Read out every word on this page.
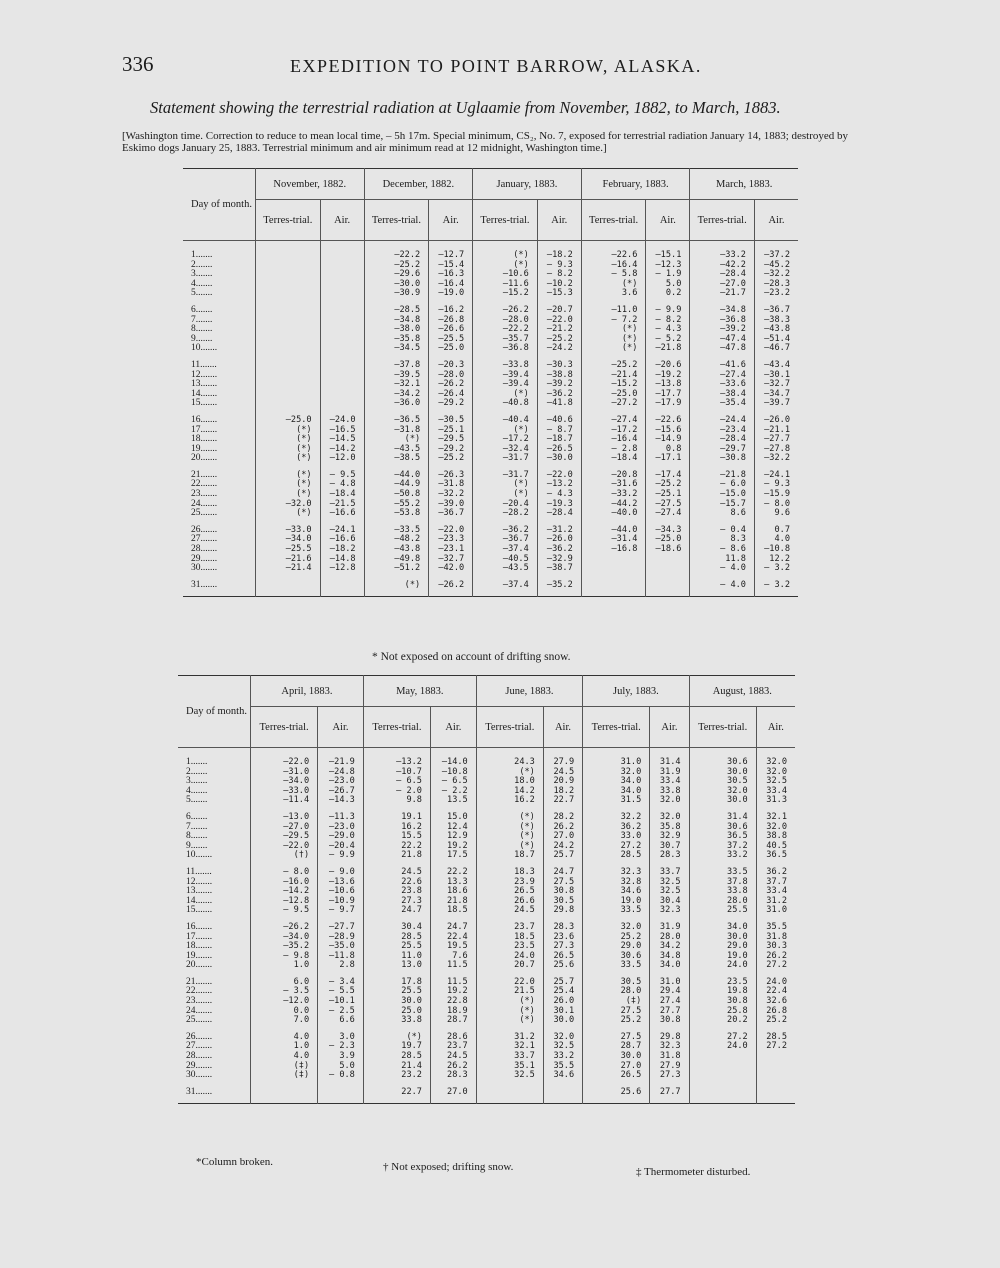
336	EXPEDITION TO POINT BARROW, ALASKA.
Statement showing the terrestrial radiation at Uglaamie from November, 1882, to March, 1883.
[Washington time. Correction to reduce to mean local time, – 5h 17m. Special minimum, CS₂, No. 7, exposed for terrestrial radiation January 14, 1883; destroyed by Eskimo dogs January 25, 1883. Terrestrial minimum and air minimum read at 12 midnight, Washington time.]
Day of month.	November, 1882.		December, 1882.		January, 1883.		February, 1883.		March, 1883.	
	Terres-trial.	Air.	Terres-trial.	Air.	Terres-trial.	Air.	Terres-trial.	Air.	Terres-trial.	Air.
1.......			–22.2	–12.7	(*)	–18.2	–22.6	–15.1	–33.2	–37.2
2.......			–25.2	–15.4	(*)	– 9.3	–16.4	–12.3	–42.2	–45.2
3.......			–29.6	–16.3	–10.6	– 8.2	– 5.8	– 1.9	–28.4	–32.2
4.......			–30.0	–16.4	–11.6	–10.2	(*)	5.0	–27.0	–28.3
5.......			–30.9	–19.0	–15.2	–15.3	3.6	0.2	–21.7	–23.2
6.......			–28.5	–16.2	–26.2	–20.7	–11.0	– 9.9	–34.8	–36.7
7.......			–34.8	–26.8	–28.0	–22.0	– 7.2	– 8.2	–36.8	–38.3
8.......			–38.0	–26.6	–22.2	–21.2	(*)	– 4.3	–39.2	–43.8
9.......			–35.8	–25.5	–35.7	–25.2	(*)	– 5.2	–47.4	–51.4
10.......			–34.5	–25.0	–36.8	–24.2	(*)	–21.8	–47.8	–46.7
11.......			–37.8	–20.3	–33.8	–30.3	–25.2	–20.6	–41.6	–43.4
12.......			–39.5	–28.0	–39.4	–38.8	–21.4	–19.2	–27.4	–30.1
13.......			–32.1	–26.2	–39.4	–39.2	–15.2	–13.8	–33.6	–32.7
14.......			–34.2	–26.4	(*)	–36.2	–25.0	–17.7	–38.4	–34.7
15.......			–36.0	–29.2	–40.8	–41.8	–27.2	–17.9	–35.4	–39.7
16.......	–25.0	–24.0	–36.5	–30.5	–40.4	–40.6	–27.4	–22.6	–24.4	–26.0
17.......	(*)	–16.5	–31.8	–25.1	(*)	– 8.7	–17.2	–15.6	–23.4	–21.1
18.......	(*)	–14.5	(*)	–29.5	–17.2	–18.7	–16.4	–14.9	–28.4	–27.7
19.......	(*)	–14.2	–43.5	–29.2	–32.4	–26.5	– 2.8	0.8	–29.7	–27.8
20.......	(*)	–12.0	–38.5	–25.2	–31.7	–30.0	–18.4	–17.1	–30.8	–32.2
21.......	(*)	– 9.5	–44.0	–26.3	–31.7	–22.0	–20.8	–17.4	–21.8	–24.1
22.......	(*)	– 4.8	–44.9	–31.8	(*)	–13.2	–31.6	–25.2	– 6.0	– 9.3
23.......	(*)	–18.4	–50.8	–32.2	(*)	– 4.3	–33.2	–25.1	–15.0	–15.9
24.......	–32.0	–21.5	–55.2	–39.0	–20.4	–19.3	–44.2	–27.5	–15.7	– 8.0
25.......	(*)	–16.6	–53.8	–36.7	–28.2	–28.4	–40.0	–27.4	8.6	9.6
26.......	–33.0	–24.1	–33.5	–22.0	–36.2	–31.2	–44.0	–34.3	– 0.4	0.7
27.......	–34.0	–16.6	–48.2	–23.3	–36.7	–26.0	–31.4	–25.0	8.3	4.0
28.......	–25.5	–18.2	–43.8	–23.1	–37.4	–36.2	–16.8	–18.6	– 8.6	–10.8
29.......	–21.6	–14.8	–49.8	–32.7	–40.5	–32.9			11.8	12.2
30.......	–21.4	–12.8	–51.2	–42.0	–43.5	–38.7			– 4.0	– 3.2
31.......			(*)	–26.2	–37.4	–35.2			– 4.0	– 3.2
* Not exposed on account of drifting snow.
Day of month.	April, 1883.		May, 1883.		June, 1883.		July, 1883.		August, 1883.	
	Terres-trial.	Air.	Terres-trial.	Air.	Terres-trial.	Air.	Terres-trial.	Air.	Terres-trial.	Air.
1.......	–22.0	–21.9	–13.2	–14.0	24.3	27.9	31.0	31.4	30.6	32.0
2.......	–31.0	–24.8	–10.7	–10.8	(*)	24.5	32.0	31.9	30.0	32.0
3.......	–34.0	–23.0	– 6.5	– 6.5	18.0	20.9	34.0	33.4	30.5	32.5
4.......	–33.0	–26.7	– 2.0	– 2.2	14.2	18.2	34.0	33.8	32.0	33.4
5.......	–11.4	–14.3	9.8	13.5	16.2	22.7	31.5	32.0	30.0	31.3
6.......	–13.0	–11.3	19.1	15.0	(*)	28.2	32.2	32.0	31.4	32.1
7.......	–27.0	–23.0	16.2	12.4	(*)	26.2	36.2	35.8	30.6	32.0
8.......	–29.5	–29.0	15.5	12.9	(*)	27.0	33.0	32.9	36.5	38.8
9.......	–22.0	–20.4	22.2	19.2	(*)	24.2	27.2	30.7	37.2	40.5
10.......	(†)	– 9.9	21.8	17.5	18.7	25.7	28.5	28.3	33.2	36.5
11.......	– 8.0	– 9.0	24.5	22.2	18.3	24.7	32.3	33.7	33.5	36.2
12.......	–16.0	–13.6	22.6	13.3	23.9	27.5	32.8	32.5	37.8	37.7
13.......	–14.2	–10.6	23.8	18.6	26.5	30.8	34.6	32.5	33.8	33.4
14.......	–12.8	–10.9	27.3	21.8	26.6	30.5	19.0	30.4	28.0	31.2
15.......	– 9.5	– 9.7	24.7	18.5	24.5	29.8	33.5	32.3	25.5	31.0
16.......	–26.2	–27.7	30.4	24.7	23.7	28.3	32.0	31.9	34.0	35.5
17.......	–34.0	–28.9	28.5	22.4	18.5	23.6	25.2	28.0	30.0	31.8
18.......	–35.2	–35.0	25.5	19.5	23.5	27.3	29.0	34.2	29.0	30.3
19.......	– 9.8	–11.8	11.0	7.6	24.0	26.5	30.6	34.8	19.0	26.2
20.......	1.0	2.8	13.0	11.5	20.7	25.6	33.5	34.0	24.0	27.2
21.......	6.0	– 3.4	17.8	11.5	22.0	25.7	30.5	31.0	23.5	24.0
22.......	– 3.5	– 5.5	25.5	19.2	21.5	25.4	28.0	29.4	19.8	22.4
23.......	–12.0	–10.1	30.0	22.8	(*)	26.0	(‡)	27.4	30.8	32.6
24.......	0.0	– 2.5	25.0	18.9	(*)	30.1	27.5	27.7	25.8	26.8
25.......	7.0	6.6	33.8	28.7	(*)	30.0	25.2	30.8	20.2	25.2
26.......	4.0	3.0	(*)	28.6	31.2	32.0	27.5	29.8	27.2	28.5
27.......	1.0	– 2.3	19.7	23.7	32.1	32.5	28.7	32.3	24.0	27.2
28.......	4.0	3.9	28.5	24.5	33.7	33.2	30.0	31.8		
29.......	(‡)	5.0	21.4	26.2	35.1	35.5	27.0	27.9		
30.......	(‡)	– 0.8	23.2	28.3	32.5	34.6	26.5	27.3		
31.......			22.7	27.0			25.6	27.7		
*Column broken.	† Not exposed; drifting snow.	‡ Thermometer disturbed.
